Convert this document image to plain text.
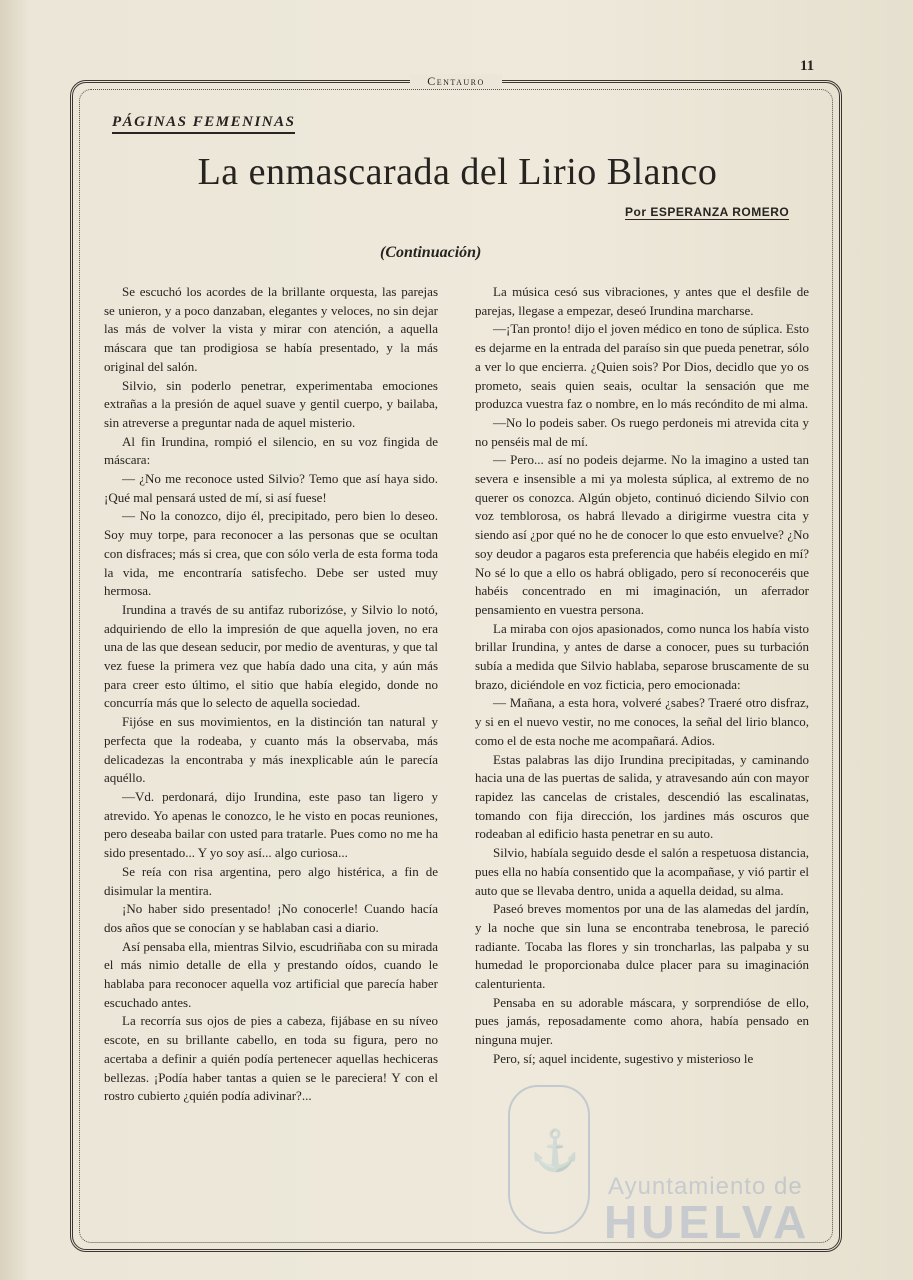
11
Centauro
PÁGINAS FEMENINAS
La enmascarada del Lirio Blanco
Por ESPERANZA ROMERO
(Continuación)

Se escuchó los acordes de la brillante orquesta, las parejas se unieron, y a poco danzaban, elegantes y veloces, no sin dejar las más de volver la vista y mirar con atención, a aquella máscara que tan prodigiosa se había presentado, y la más original del salón.

Silvio, sin poderlo penetrar, experimentaba emociones extrañas a la presión de aquel suave y gentil cuerpo, y bailaba, sin atreverse a preguntar nada de aquel misterio.

Al fin Irundina, rompió el silencio, en su voz fingida de máscara:

— ¿No me reconoce usted Silvio? Temo que así haya sido. ¡Qué mal pensará usted de mí, si así fuese!

— No la conozco, dijo él, precipitado, pero bien lo deseo. Soy muy torpe, para reconocer a las personas que se ocultan con disfraces; más si crea, que con sólo verla de esta forma toda la vida, me encontraría satisfecho. Debe ser usted muy hermosa.

Irundina a través de su antifaz ruborizóse, y Silvio lo notó, adquiriendo de ello la impresión de que aquella joven, no era una de las que desean seducir, por medio de aventuras, y que tal vez fuese la primera vez que había dado una cita, y aún más para creer esto último, el sitio que había elegido, donde no concurría más que lo selecto de aquella sociedad.

Fijóse en sus movimientos, en la distinción tan natural y perfecta que la rodeaba, y cuanto más la observaba, más delicadezas la encontraba y más inexplicable aún le parecía aquéllo.

—Vd. perdonará, dijo Irundina, este paso tan ligero y atrevido. Yo apenas le conozco, le he visto en pocas reuniones, pero deseaba bailar con usted para tratarle. Pues como no me ha sido presentado... Y yo soy así... algo curiosa...

Se reía con risa argentina, pero algo histérica, a fin de disimular la mentira.

¡No haber sido presentado! ¡No conocerle! Cuando hacía dos años que se conocían y se hablaban casi a diario.

Así pensaba ella, mientras Silvio, escudriñaba con su mirada el más nimio detalle de ella y prestando oídos, cuando le hablaba para reconocer aquella voz artificial que parecía haber escuchado antes.

La recorría sus ojos de pies a cabeza, fijábase en su níveo escote, en su brillante cabello, en toda su figura, pero no acertaba a definir a quién podía pertenecer aquellas hechiceras bellezas. ¡Podía haber tantas a quien se le pareciera! Y con el rostro cubierto ¿quién podía adivinar?...

La música cesó sus vibraciones, y antes que el desfile de parejas, llegase a empezar, deseó Irundina marcharse.

—¡Tan pronto! dijo el joven médico en tono de súplica. Esto es dejarme en la entrada del paraíso sin que pueda penetrar, sólo a ver lo que encierra. ¿Quien sois? Por Dios, decidlo que yo os prometo, seais quien seais, ocultar la sensación que me produzca vuestra faz o nombre, en lo más recóndito de mi alma.

—No lo podeis saber. Os ruego perdoneis mi atrevida cita y no penséis mal de mí.

— Pero... así no podeis dejarme. No la imagino a usted tan severa e insensible a mi ya molesta súplica, al extremo de no querer os conozca. Algún objeto, continuó diciendo Silvio con voz temblorosa, os habrá llevado a dirigirme vuestra cita y siendo así ¿por qué no he de conocer lo que esto envuelve? ¿No soy deudor a pagaros esta preferencia que habéis elegido en mí? No sé lo que a ello os habrá obligado, pero sí reconoceréis que habéis concentrado en mi imaginación, un aferrador pensamiento en vuestra persona.

La miraba con ojos apasionados, como nunca los había visto brillar Irundina, y antes de darse a conocer, pues su turbación subía a medida que Silvio hablaba, separose bruscamente de su brazo, diciéndole en voz ficticia, pero emocionada:

— Mañana, a esta hora, volveré ¿sabes? Traeré otro disfraz, y si en el nuevo vestir, no me conoces, la señal del lirio blanco, como el de esta noche me acompañará. Adios.

Estas palabras las dijo Irundina precipitadas, y caminando hacia una de las puertas de salida, y atravesando aún con mayor rapidez las cancelas de cristales, descendió las escalinatas, tomando con fija dirección, los jardines más oscuros que rodeaban al edificio hasta penetrar en su auto.

Silvio, habíala seguido desde el salón a respetuosa distancia, pues ella no había consentido que la acompañase, y vió partir el auto que se llevaba dentro, unida a aquella deidad, su alma.

Paseó breves momentos por una de las alamedas del jardín, y la noche que sin luna se encontraba tenebrosa, le pareció radiante. Tocaba las flores y sin troncharlas, las palpaba y su humedad le proporcionaba dulce placer para su imaginación calenturienta.

Pensaba en su adorable máscara, y sorprendióse de ello, pues jamás, reposadamente como ahora, había pensado en ninguna mujer.

Pero, sí; aquel incidente, sugestivo y misterioso le

⚓
Ayuntamiento de
HUELVA
